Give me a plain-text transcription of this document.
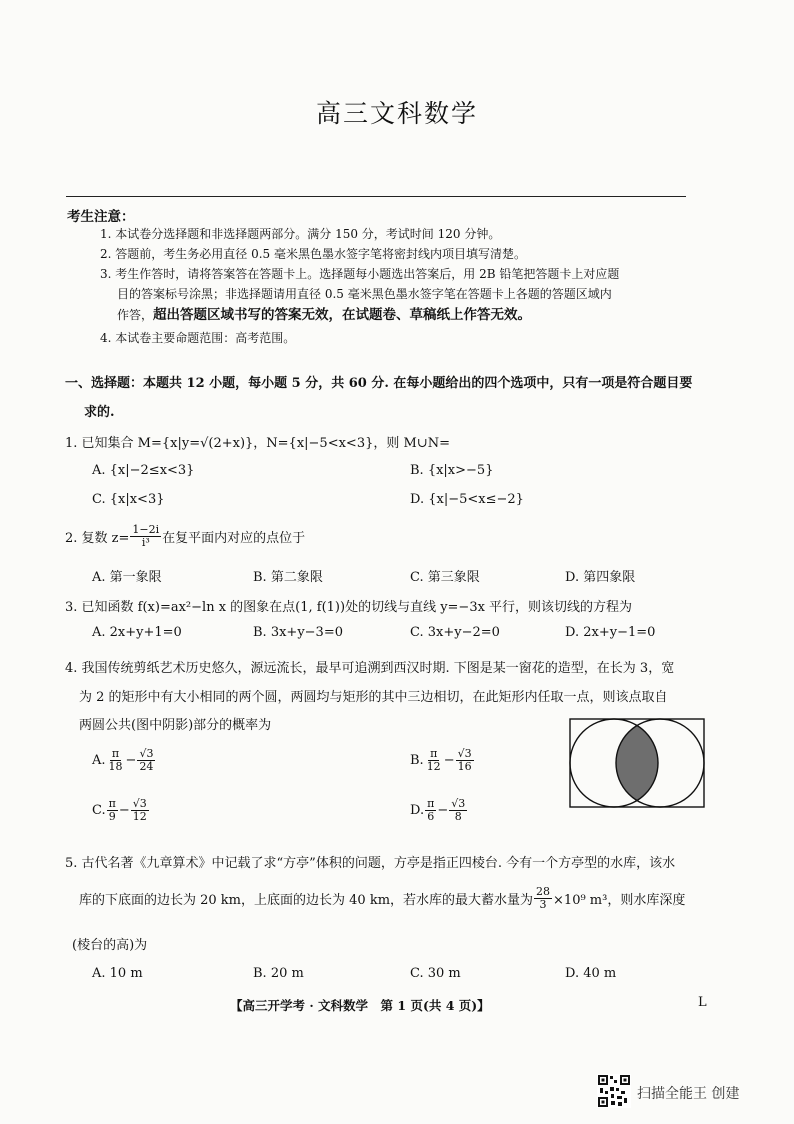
高三文科数学
考生注意：
1. 本试卷分选择题和非选择题两部分。满分 150 分，考试时间 120 分钟。
2. 答题前，考生务必用直径 0.5 毫米黑色墨水签字笔将密封线内项目填写清楚。
3. 考生作答时，请将答案答在答题卡上。选择题每小题选出答案后，用 2B 铅笔把答题卡上对应题
目的答案标号涂黑；非选择题请用直径 0.5 毫米黑色墨水签字笔在答题卡上各题的答题区域内
作答，超出答题区域书写的答案无效，在试题卷、草稿纸上作答无效。
4. 本试卷主要命题范围：高考范围。
一、选择题：本题共 12 小题，每小题 5 分，共 60 分. 在每小题给出的四个选项中，只有一项是符合题目要
求的.
1. 已知集合 M={x|y=√(2+x)}，N={x|−5<x<3}，则 M∪N=
A. {x|−2≤x<3}	B. {x|x>−5}
C. {x|x<3}	D. {x|−5<x≤−2}
2. 复数 $z= \frac{1-2i}{\text{i³}}$ 在复平面内对应的点位于
A. 第一象限	B. 第二象限	C. 第三象限	D. 第四象限
3. 已知函数 f(x)=ax²−ln x 的图象在点(1, f(1))处的切线与直线 y=−3x 平行，则该切线的方程为
A. 2x+y+1=0	B. 3x+y−3=0	C. 3x+y−2=0	D. 2x+y−1=0
4. 我国传统剪纸艺术历史悠久，源远流长，最早可追溯到西汉时期. 下图是某一窗花的造型，在长为 3，宽
为 2 的矩形中有大小相同的两个圆，两圆均与矩形的其中三边相切，在此矩形内任取一点，则该点取自
两圆公共(图中阴影)部分的概率为
A. $\frac{\pi}{18} - \frac{√3}{24}$	B. $\frac{\pi}{12} - \frac{√3}{16}$
C. $\frac{\pi}{9} - \frac{√3}{12}$	D. $\frac{\pi}{6} - \frac{√3}{8}$
5. 古代名著《九章算术》中记载了求“方亭”体积的问题，方亭是指正四棱台. 今有一个方亭型的水库，该水
库的下底面的边长为 20 km，上底面的边长为 40 km，若水库的最大蓄水量为 $\frac{28}{3} \times 10^9$ m³，则水库深度
(棱台的高)为
A. 10 m	B. 20 m	C. 30 m	D. 40 m
【高三开学考 · 文科数学　第 1 页(共 4 页)】	L
扫描全能王 创建
